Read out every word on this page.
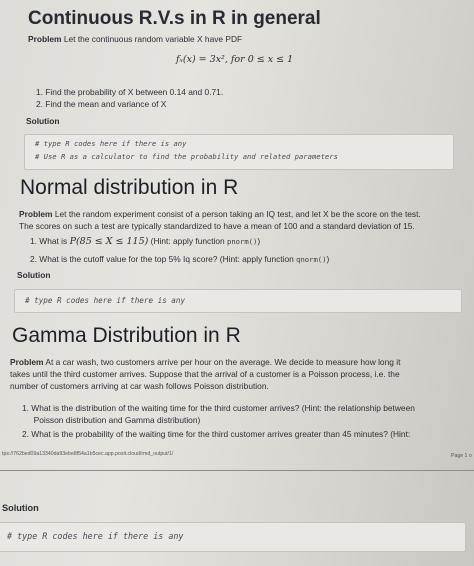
Continuous R.V.s in R in general
Problem Let the continuous random variable X have PDF
fₓ(x) = 3x², for 0 ≤ x ≤ 1
1. Find the probability of X between 0.14 and 0.71.
2. Find the mean and variance of X
Solution
# type R codes here if there is any
# Use R as a calculator to find the probability and related parameters
Normal distribution in R
Problem Let the random experiment consist of a person taking an IQ test, and let X be the score on the test.
The scores on such a test are typically standardized to have a mean of 100 and a standard deviation of 15.
1. What is P(85 ≤ X ≤ 115) (Hint: apply function pnorm())
2. What is the cutoff value for the top 5% Iq score? (Hint: apply function qnorm())
Solution
# type R codes here if there is any
Gamma Distribution in R
Problem At a car wash, two customers arrive per hour on the average. We decide to measure how long it
takes until the third customer arrives. Suppose that the arrival of a customer is a Poisson process, i.e. the
number of customers arriving at car wash follows Poisson distribution.
1. What is the distribution of the waiting time for the third customer arrives? (Hint: the relationship between
Poisson distribution and Gamma distribution)
2. What is the probability of the waiting time for the third customer arrives greater than 45 minutes? (Hint:
tps://762bed09a13340da93ebe8f54a1b5cec.app.posit.cloud/rmd_output/1/	Page 1 o
Solution
# type R codes here if there is any
